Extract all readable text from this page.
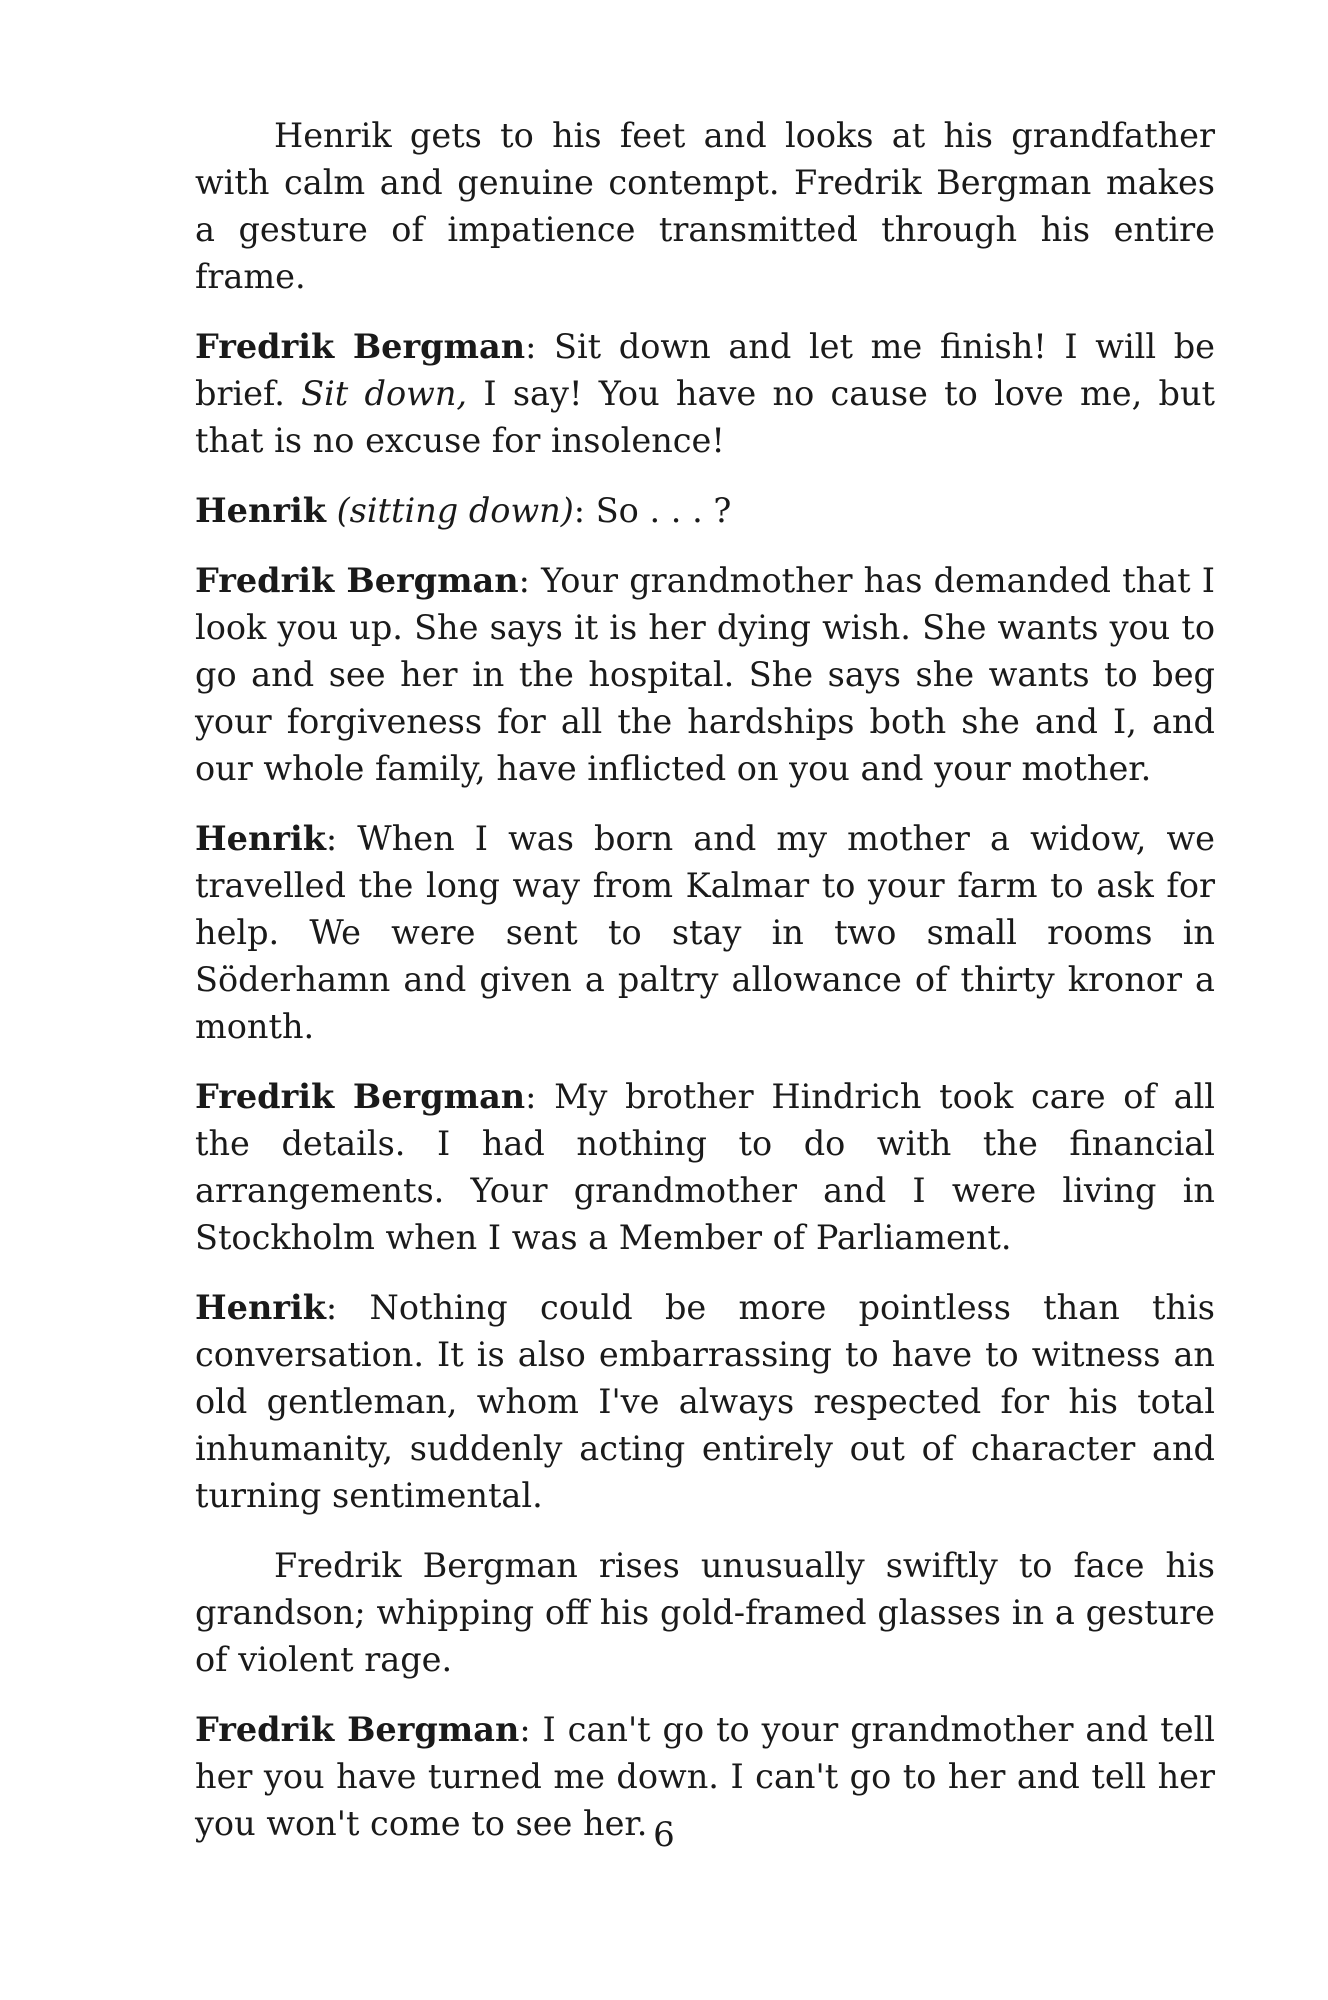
Henrik gets to his feet and looks at his grandfather with calm and genuine contempt. Fredrik Bergman makes a gesture of impatience transmitted through his entire frame.

Fredrik Bergman: Sit down and let me finish! I will be brief. Sit down, I say! You have no cause to love me, but that is no excuse for insolence!

Henrik (sitting down): So . . . ?

Fredrik Bergman: Your grandmother has demanded that I look you up. She says it is her dying wish. She wants you to go and see her in the hospital. She says she wants to beg your forgiveness for all the hardships both she and I, and our whole family, have inflicted on you and your mother.

Henrik: When I was born and my mother a widow, we travelled the long way from Kalmar to your farm to ask for help. We were sent to stay in two small rooms in Söderhamn and given a paltry allowance of thirty kronor a month.

Fredrik Bergman: My brother Hindrich took care of all the details. I had nothing to do with the financial arrangements. Your grandmother and I were living in Stockholm when I was a Member of Parliament.

Henrik: Nothing could be more pointless than this conversation. It is also embarrassing to have to witness an old gentleman, whom I've always respected for his total inhumanity, suddenly acting entirely out of character and turning sentimental.

Fredrik Bergman rises unusually swiftly to face his grandson; whipping off his gold-framed glasses in a gesture of violent rage.

Fredrik Bergman: I can't go to your grandmother and tell her you have turned me down. I can't go to her and tell her you won't come to see her. 6
